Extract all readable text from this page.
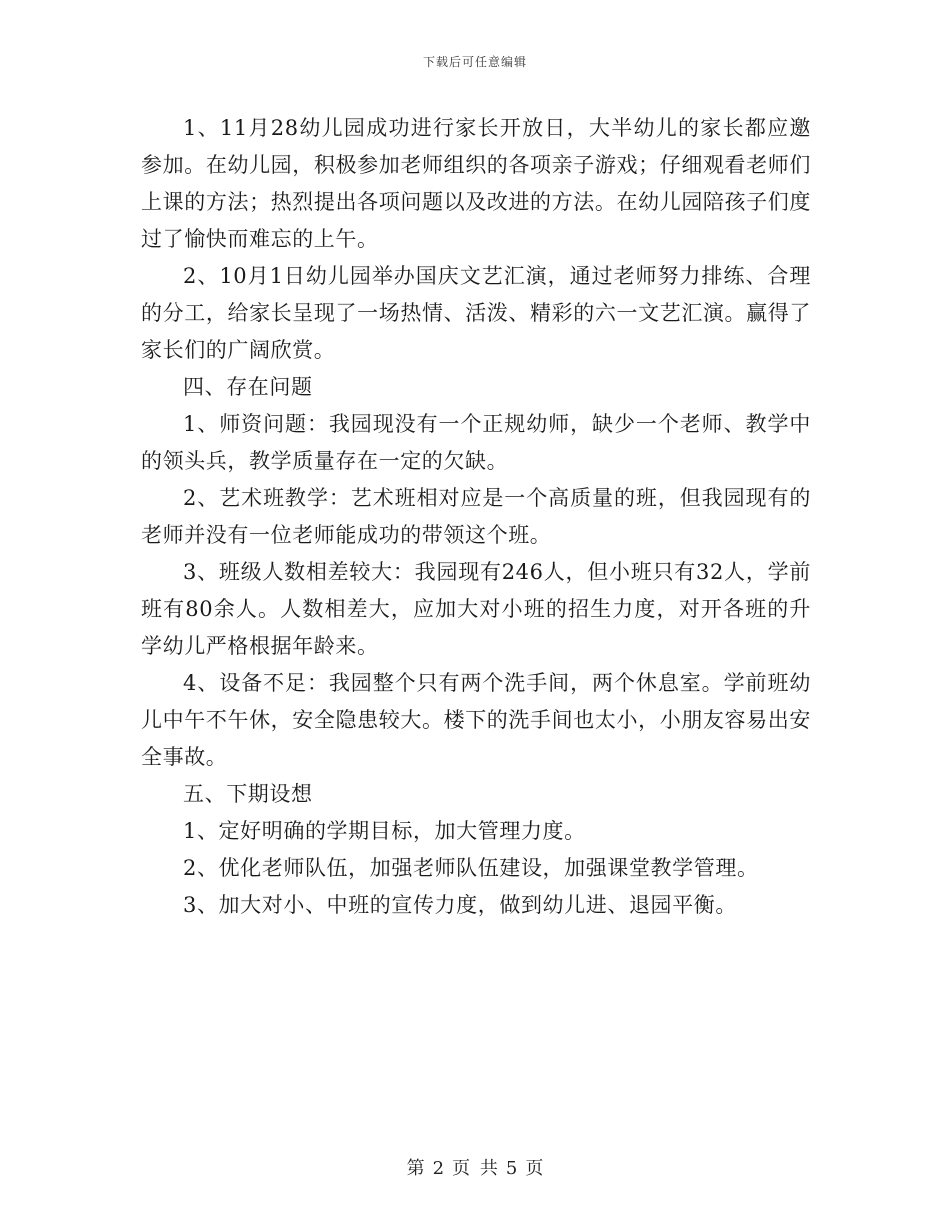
下载后可任意编辑

1、11月28幼儿园成功进行家长开放日，大半幼儿的家长都应邀参加。在幼儿园，积极参加老师组织的各项亲子游戏；仔细观看老师们上课的方法；热烈提出各项问题以及改进的方法。在幼儿园陪孩子们度过了愉快而难忘的上午。

2、10月1日幼儿园举办国庆文艺汇演，通过老师努力排练、合理的分工，给家长呈现了一场热情、活泼、精彩的六一文艺汇演。赢得了家长们的广阔欣赏。

四、存在问题

1、师资问题：我园现没有一个正规幼师，缺少一个老师、教学中的领头兵，教学质量存在一定的欠缺。

2、艺术班教学：艺术班相对应是一个高质量的班，但我园现有的老师并没有一位老师能成功的带领这个班。

3、班级人数相差较大：我园现有246人，但小班只有32人，学前班有80余人。人数相差大，应加大对小班的招生力度，对开各班的升学幼儿严格根据年龄来。

4、设备不足：我园整个只有两个洗手间，两个休息室。学前班幼儿中午不午休，安全隐患较大。楼下的洗手间也太小，小朋友容易出安全事故。

五、下期设想

1、定好明确的学期目标，加大管理力度。

2、优化老师队伍，加强老师队伍建设，加强课堂教学管理。

3、加大对小、中班的宣传力度，做到幼儿进、退园平衡。

第 2 页 共 5 页
